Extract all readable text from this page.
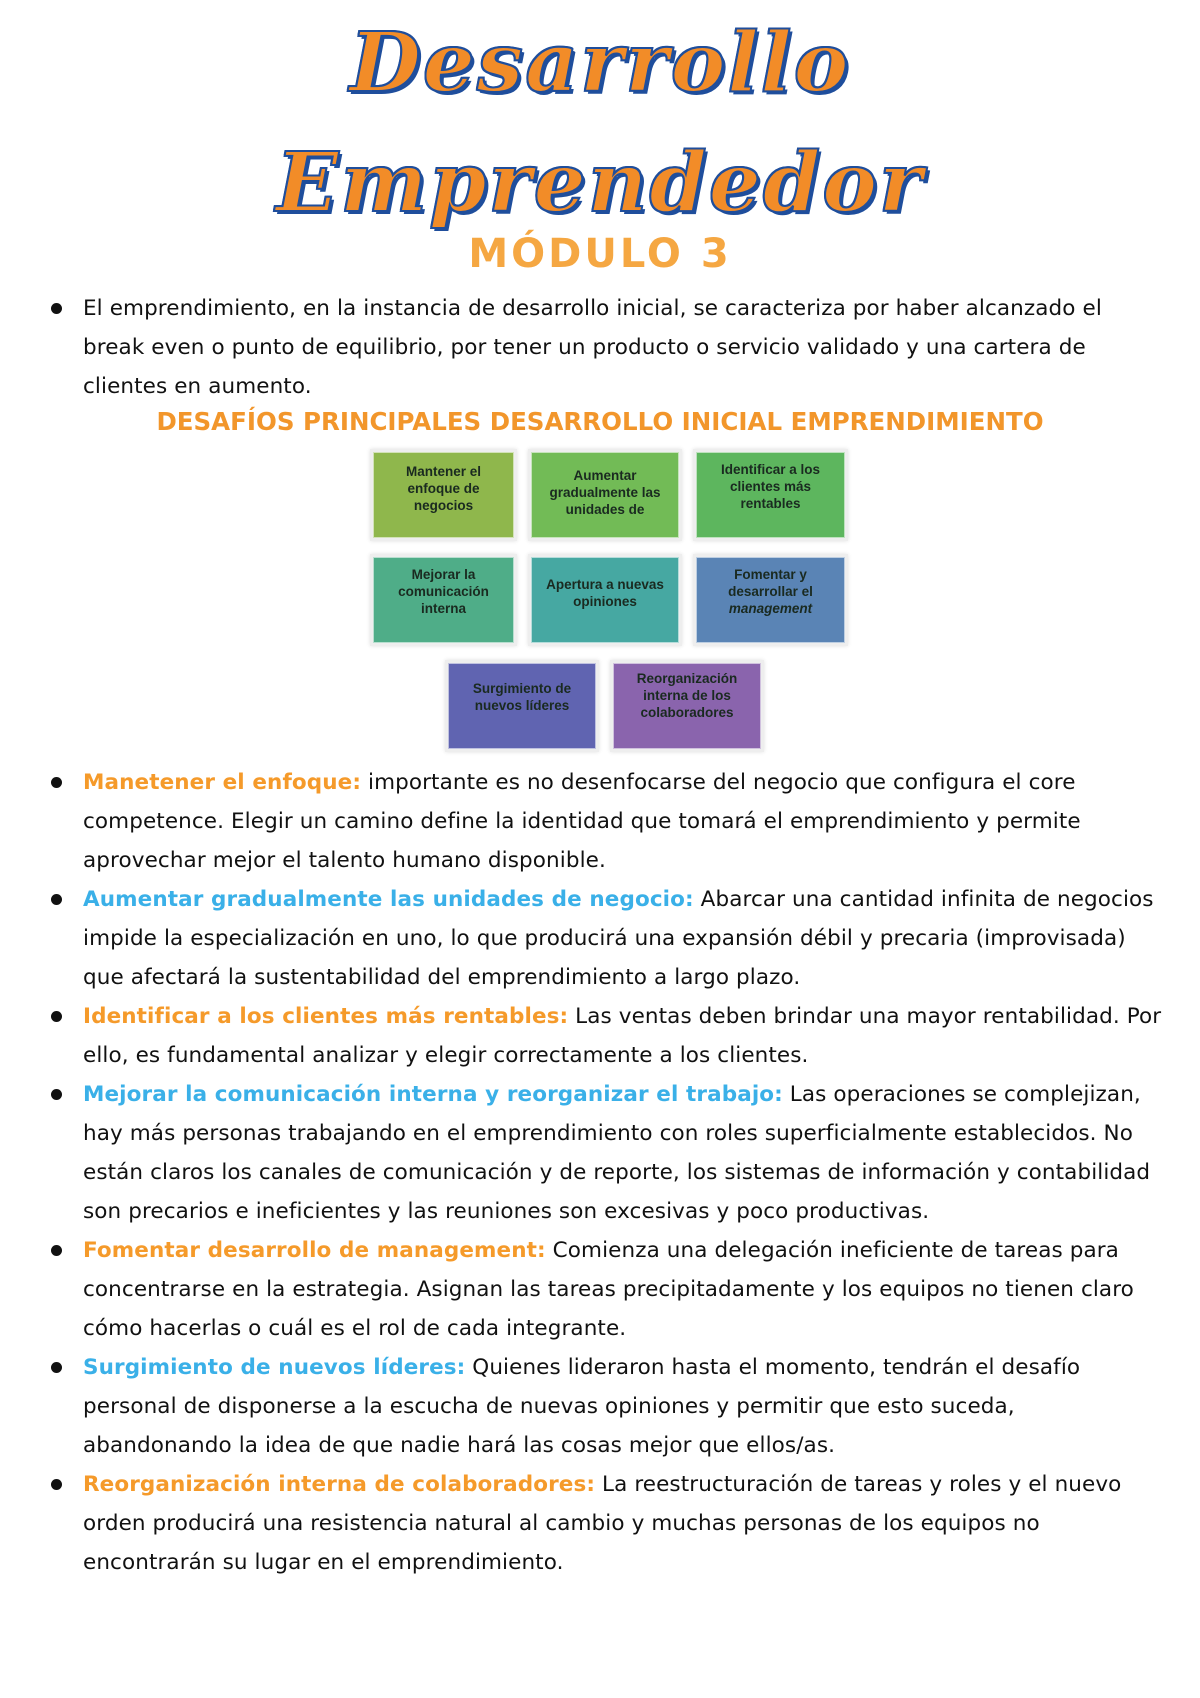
Desarrollo
Emprendedor
MÓDULO 3
El emprendimiento, en la instancia de desarrollo inicial, se caracteriza por haber alcanzado el break even o punto de equilibrio, por tener un producto o servicio validado y una cartera de clientes en aumento.
DESAFÍOS PRINCIPALES DESARROLLO INICIAL EMPRENDIMIENTO
Mantener el enfoque de negocios
Aumentar gradualmente las unidades de
Identificar a los clientes más rentables
Mejorar la comunicación interna
Apertura a nuevas opiniones
Fomentar y desarrollar el
management
Surgimiento de nuevos líderes
Reorganización interna de los colaboradores
Manetener el enfoque: importante es no desenfocarse del negocio que configura el core competence. Elegir un camino define la identidad que tomará el emprendimiento y permite aprovechar mejor el talento humano disponible.
Aumentar gradualmente las unidades de negocio: Abarcar una cantidad infinita de negocios impide la especialización en uno, lo que producirá una expansión débil y precaria (improvisada) que afectará la sustentabilidad del emprendimiento a largo plazo.
Identificar a los clientes más rentables: Las ventas deben brindar una mayor rentabilidad. Por ello, es fundamental analizar y elegir correctamente a los clientes.
Mejorar la comunicación interna y reorganizar el trabajo: Las operaciones se complejizan, hay más personas trabajando en el emprendimiento con roles superficialmente establecidos. No están claros los canales de comunicación y de reporte, los sistemas de información y contabilidad son precarios e ineficientes y las reuniones son excesivas y poco productivas.
Fomentar desarrollo de management: Comienza una delegación ineficiente de tareas para concentrarse en la estrategia. Asignan las tareas precipitadamente y los equipos no tienen claro cómo hacerlas o cuál es el rol de cada integrante.
Surgimiento de nuevos líderes: Quienes lideraron hasta el momento, tendrán el desafío personal de disponerse a la escucha de nuevas opiniones y permitir que esto suceda, abandonando la idea de que nadie hará las cosas mejor que ellos/as.
Reorganización interna de colaboradores: La reestructuración de tareas y roles y el nuevo orden producirá una resistencia natural al cambio y muchas personas de los equipos no encontrarán su lugar en el emprendimiento.
